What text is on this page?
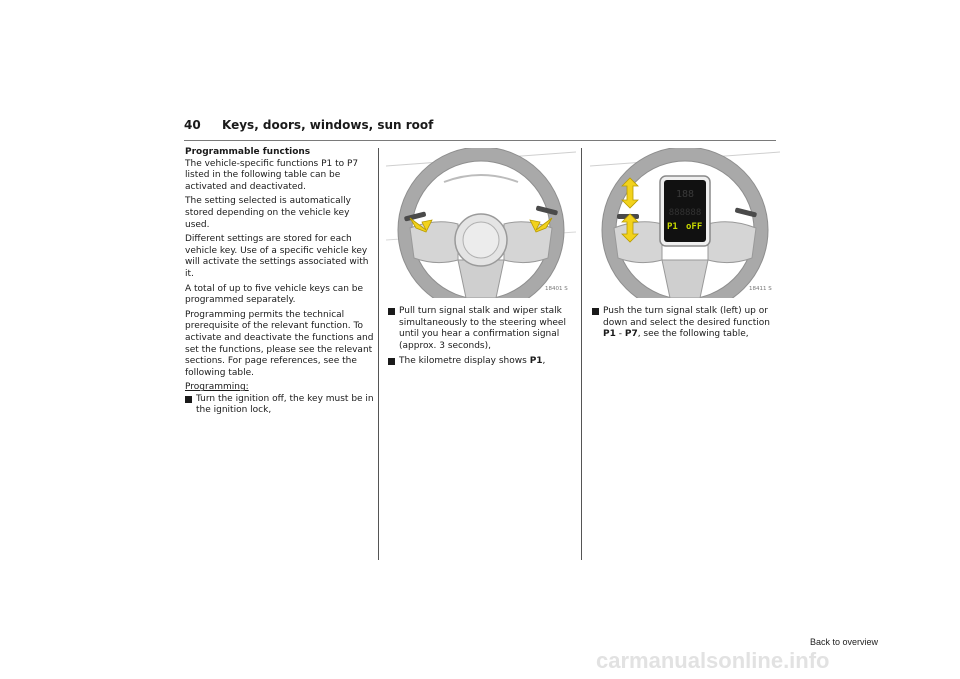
40 Keys, doors, windows, sun roof

Programmable functions

The vehicle-specific functions P1 to P7 listed in the following table can be activated and deactivated.

The setting selected is automatically stored depending on the vehicle key used.

Different settings are stored for each vehicle key. Use of a specific vehicle key will activate the settings associated with it.

A total of up to five vehicle keys can be programmed separately.

Programming permits the technical prerequisite of the relevant function. To activate and deactivate the functions and set the functions, please see the relevant sections. For page references, see the following table.

Programming:

Turn the ignition off, the key must be in the ignition lock,

18401 S

Pull turn signal stalk and wiper stalk simultaneously to the steering wheel until you hear a confirmation signal (approx. 3 seconds),

The kilometre display shows P1,

188
888888
P1 oFF
18411 S

Push the turn signal stalk (left) up or down and select the desired function P1 - P7, see the following table,

Back to overview
carmanualsonline.info
